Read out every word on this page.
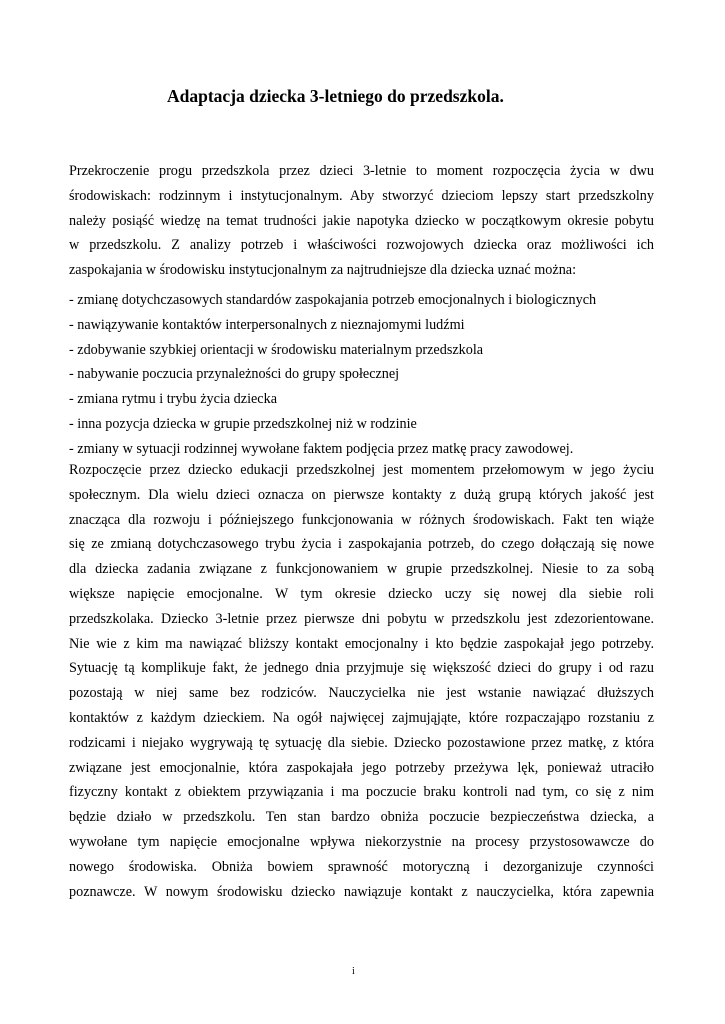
Adaptacja dziecka 3-letniego do przedszkola.
Przekroczenie progu przedszkola przez dzieci 3-letnie to moment rozpoczęcia życia w dwu
środowiskach: rodzinnym i instytucjonalnym. Aby stworzyć dzieciom lepszy start przedszkolny
należy posiąść wiedzę na temat trudności jakie napotyka dziecko w początkowym okresie pobytu
w przedszkolu. Z analizy potrzeb i właściwości rozwojowych dziecka oraz możliwości ich
zaspokajania w środowisku instytucjonalnym za najtrudniejsze dla dziecka uznać można:
- zmianę dotychczasowych standardów zaspokajania potrzeb emocjonalnych i biologicznych
- nawiązywanie kontaktów interpersonalnych z nieznajomymi ludźmi
- zdobywanie szybkiej orientacji w środowisku materialnym przedszkola
- nabywanie poczucia przynależności do grupy społecznej
- zmiana rytmu i trybu życia dziecka
- inna pozycja dziecka w grupie przedszkolnej niż w rodzinie
- zmiany w sytuacji rodzinnej wywołane faktem podjęcia przez matkę pracy zawodowej.
Rozpoczęcie przez dziecko edukacji przedszkolnej jest momentem przełomowym w jego życiu
społecznym. Dla wielu dzieci oznacza on pierwsze kontakty z dużą grupą których jakość jest
znacząca dla rozwoju i późniejszego funkcjonowania w różnych środowiskach. Fakt ten wiąże
się ze zmianą dotychczasowego trybu życia i zaspokajania potrzeb, do czego dołączają się nowe
dla dziecka zadania związane z funkcjonowaniem w grupie przedszkolnej. Niesie to za sobą
większe napięcie emocjonalne. W tym okresie dziecko uczy się nowej dla siebie roli
przedszkolaka. Dziecko 3-letnie przez pierwsze dni pobytu w przedszkolu jest zdezorientowane.
Nie wie z kim ma nawiązać bliższy kontakt emocjonalny i kto będzie zaspokajał jego potrzeby.
Sytuację tą komplikuje fakt, że jednego dnia przyjmuje się większość dzieci do grupy i od razu
pozostają w niej same bez rodziców. Nauczycielka nie jest wstanie nawiązać dłuższych
kontaktów z każdym dzieckiem. Na ogół najwięcej zajmująjąte, które rozpaczająpo rozstaniu z
rodzicami i niejako wygrywają tę sytuację dla siebie. Dziecko pozostawione przez matkę, z która
związane jest emocjonalnie, która zaspokajała jego potrzeby przeżywa lęk, ponieważ utraciło
fizyczny kontakt z obiektem przywiązania i ma poczucie braku kontroli nad tym, co się z nim
będzie działo w przedszkolu. Ten stan bardzo obniża poczucie bezpieczeństwa dziecka, a
wywołane tym napięcie emocjonalne wpływa niekorzystnie na procesy przystosowawcze do
nowego środowiska. Obniża bowiem sprawność motoryczną i dezorganizuje czynności
poznawcze. W nowym środowisku dziecko nawiązuje kontakt z nauczycielka, która zapewnia
i
